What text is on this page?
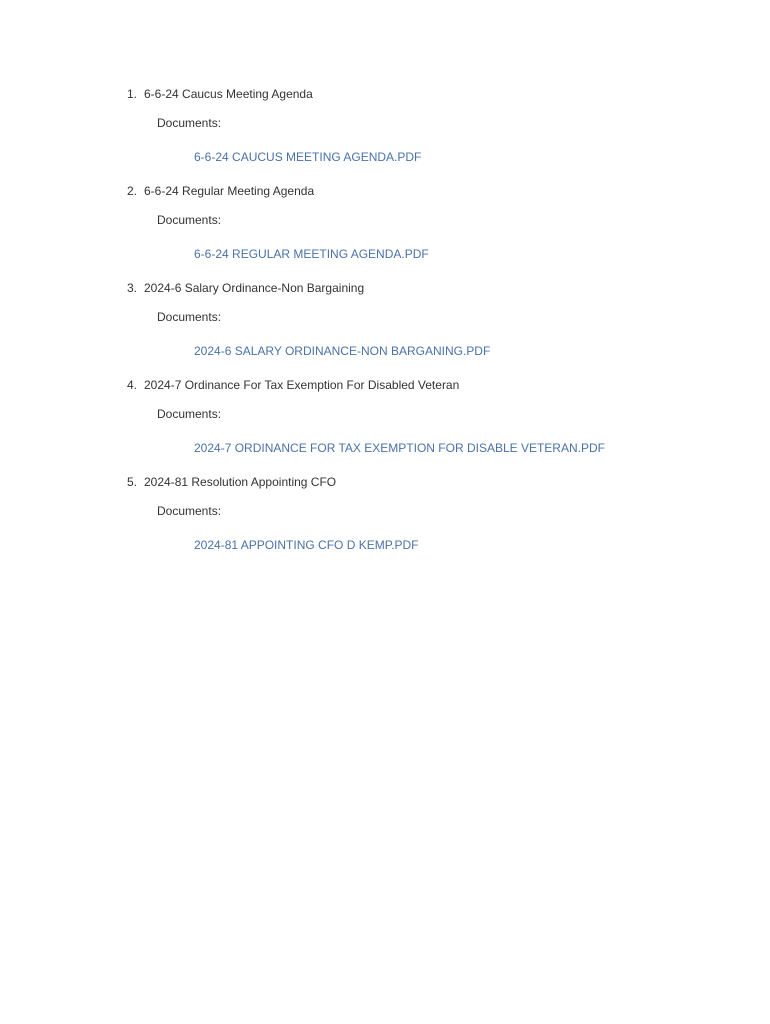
1. 6-6-24 Caucus Meeting Agenda
Documents:
6-6-24 CAUCUS MEETING AGENDA.PDF
2. 6-6-24 Regular Meeting Agenda
Documents:
6-6-24 REGULAR MEETING AGENDA.PDF
3. 2024-6 Salary Ordinance-Non Bargaining
Documents:
2024-6 SALARY ORDINANCE-NON BARGANING.PDF
4. 2024-7 Ordinance For Tax Exemption For Disabled Veteran
Documents:
2024-7 ORDINANCE FOR TAX EXEMPTION FOR DISABLE VETERAN.PDF
5. 2024-81 Resolution Appointing CFO
Documents:
2024-81 APPOINTING CFO D KEMP.PDF
